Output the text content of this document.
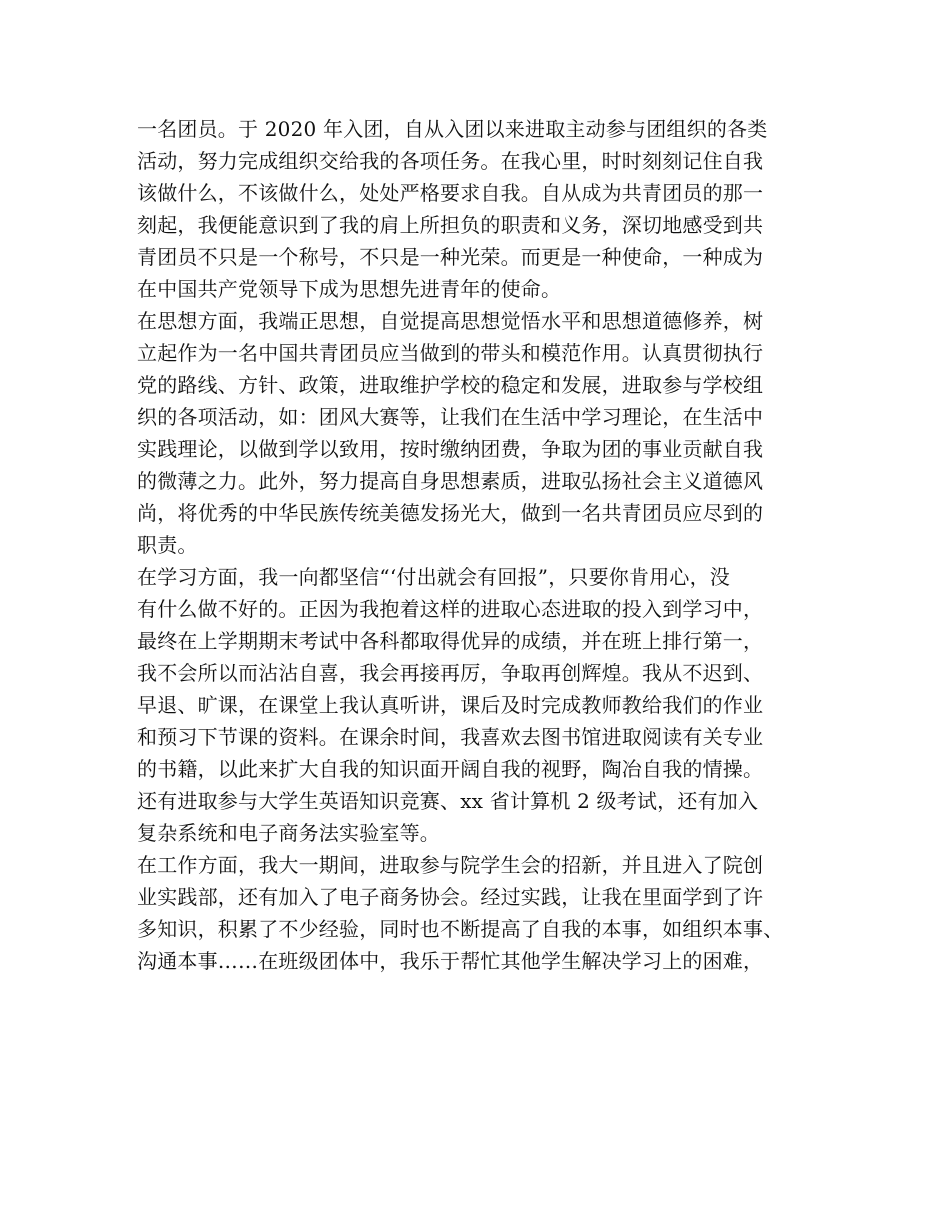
一名团员。于 2020 年入团，自从入团以来进取主动参与团组织的各类
活动，努力完成组织交给我的各项任务。在我心里，时时刻刻记住自我
该做什么，不该做什么，处处严格要求自我。自从成为共青团员的那一
刻起，我便能意识到了我的肩上所担负的职责和义务，深切地感受到共
青团员不只是一个称号，不只是一种光荣。而更是一种使命，一种成为
在中国共产党领导下成为思想先进青年的使命。
在思想方面，我端正思想，自觉提高思想觉悟水平和思想道德修养，树
立起作为一名中国共青团员应当做到的带头和模范作用。认真贯彻执行
党的路线、方针、政策，进取维护学校的稳定和发展，进取参与学校组
织的各项活动，如：团风大赛等，让我们在生活中学习理论，在生活中
实践理论，以做到学以致用，按时缴纳团费，争取为团的事业贡献自我
的微薄之力。此外，努力提高自身思想素质，进取弘扬社会主义道德风
尚，将优秀的中华民族传统美德发扬光大，做到一名共青团员应尽到的
职责。
在学习方面，我一向都坚信“‘付出就会有回报”，只要你肯用心，没
有什么做不好的。正因为我抱着这样的进取心态进取的投入到学习中，
最终在上学期期末考试中各科都取得优异的成绩，并在班上排行第一，
我不会所以而沾沾自喜，我会再接再厉，争取再创辉煌。我从不迟到、
早退、旷课，在课堂上我认真听讲，课后及时完成教师教给我们的作业
和预习下节课的资料。在课余时间，我喜欢去图书馆进取阅读有关专业
的书籍，以此来扩大自我的知识面开阔自我的视野，陶冶自我的情操。
还有进取参与大学生英语知识竞赛、xx 省计算机 2 级考试，还有加入
复杂系统和电子商务法实验室等。
在工作方面，我大一期间，进取参与院学生会的招新，并且进入了院创
业实践部，还有加入了电子商务协会。经过实践，让我在里面学到了许
多知识，积累了不少经验，同时也不断提高了自我的本事，如组织本事、
沟通本事……在班级团体中，我乐于帮忙其他学生解决学习上的困难，
